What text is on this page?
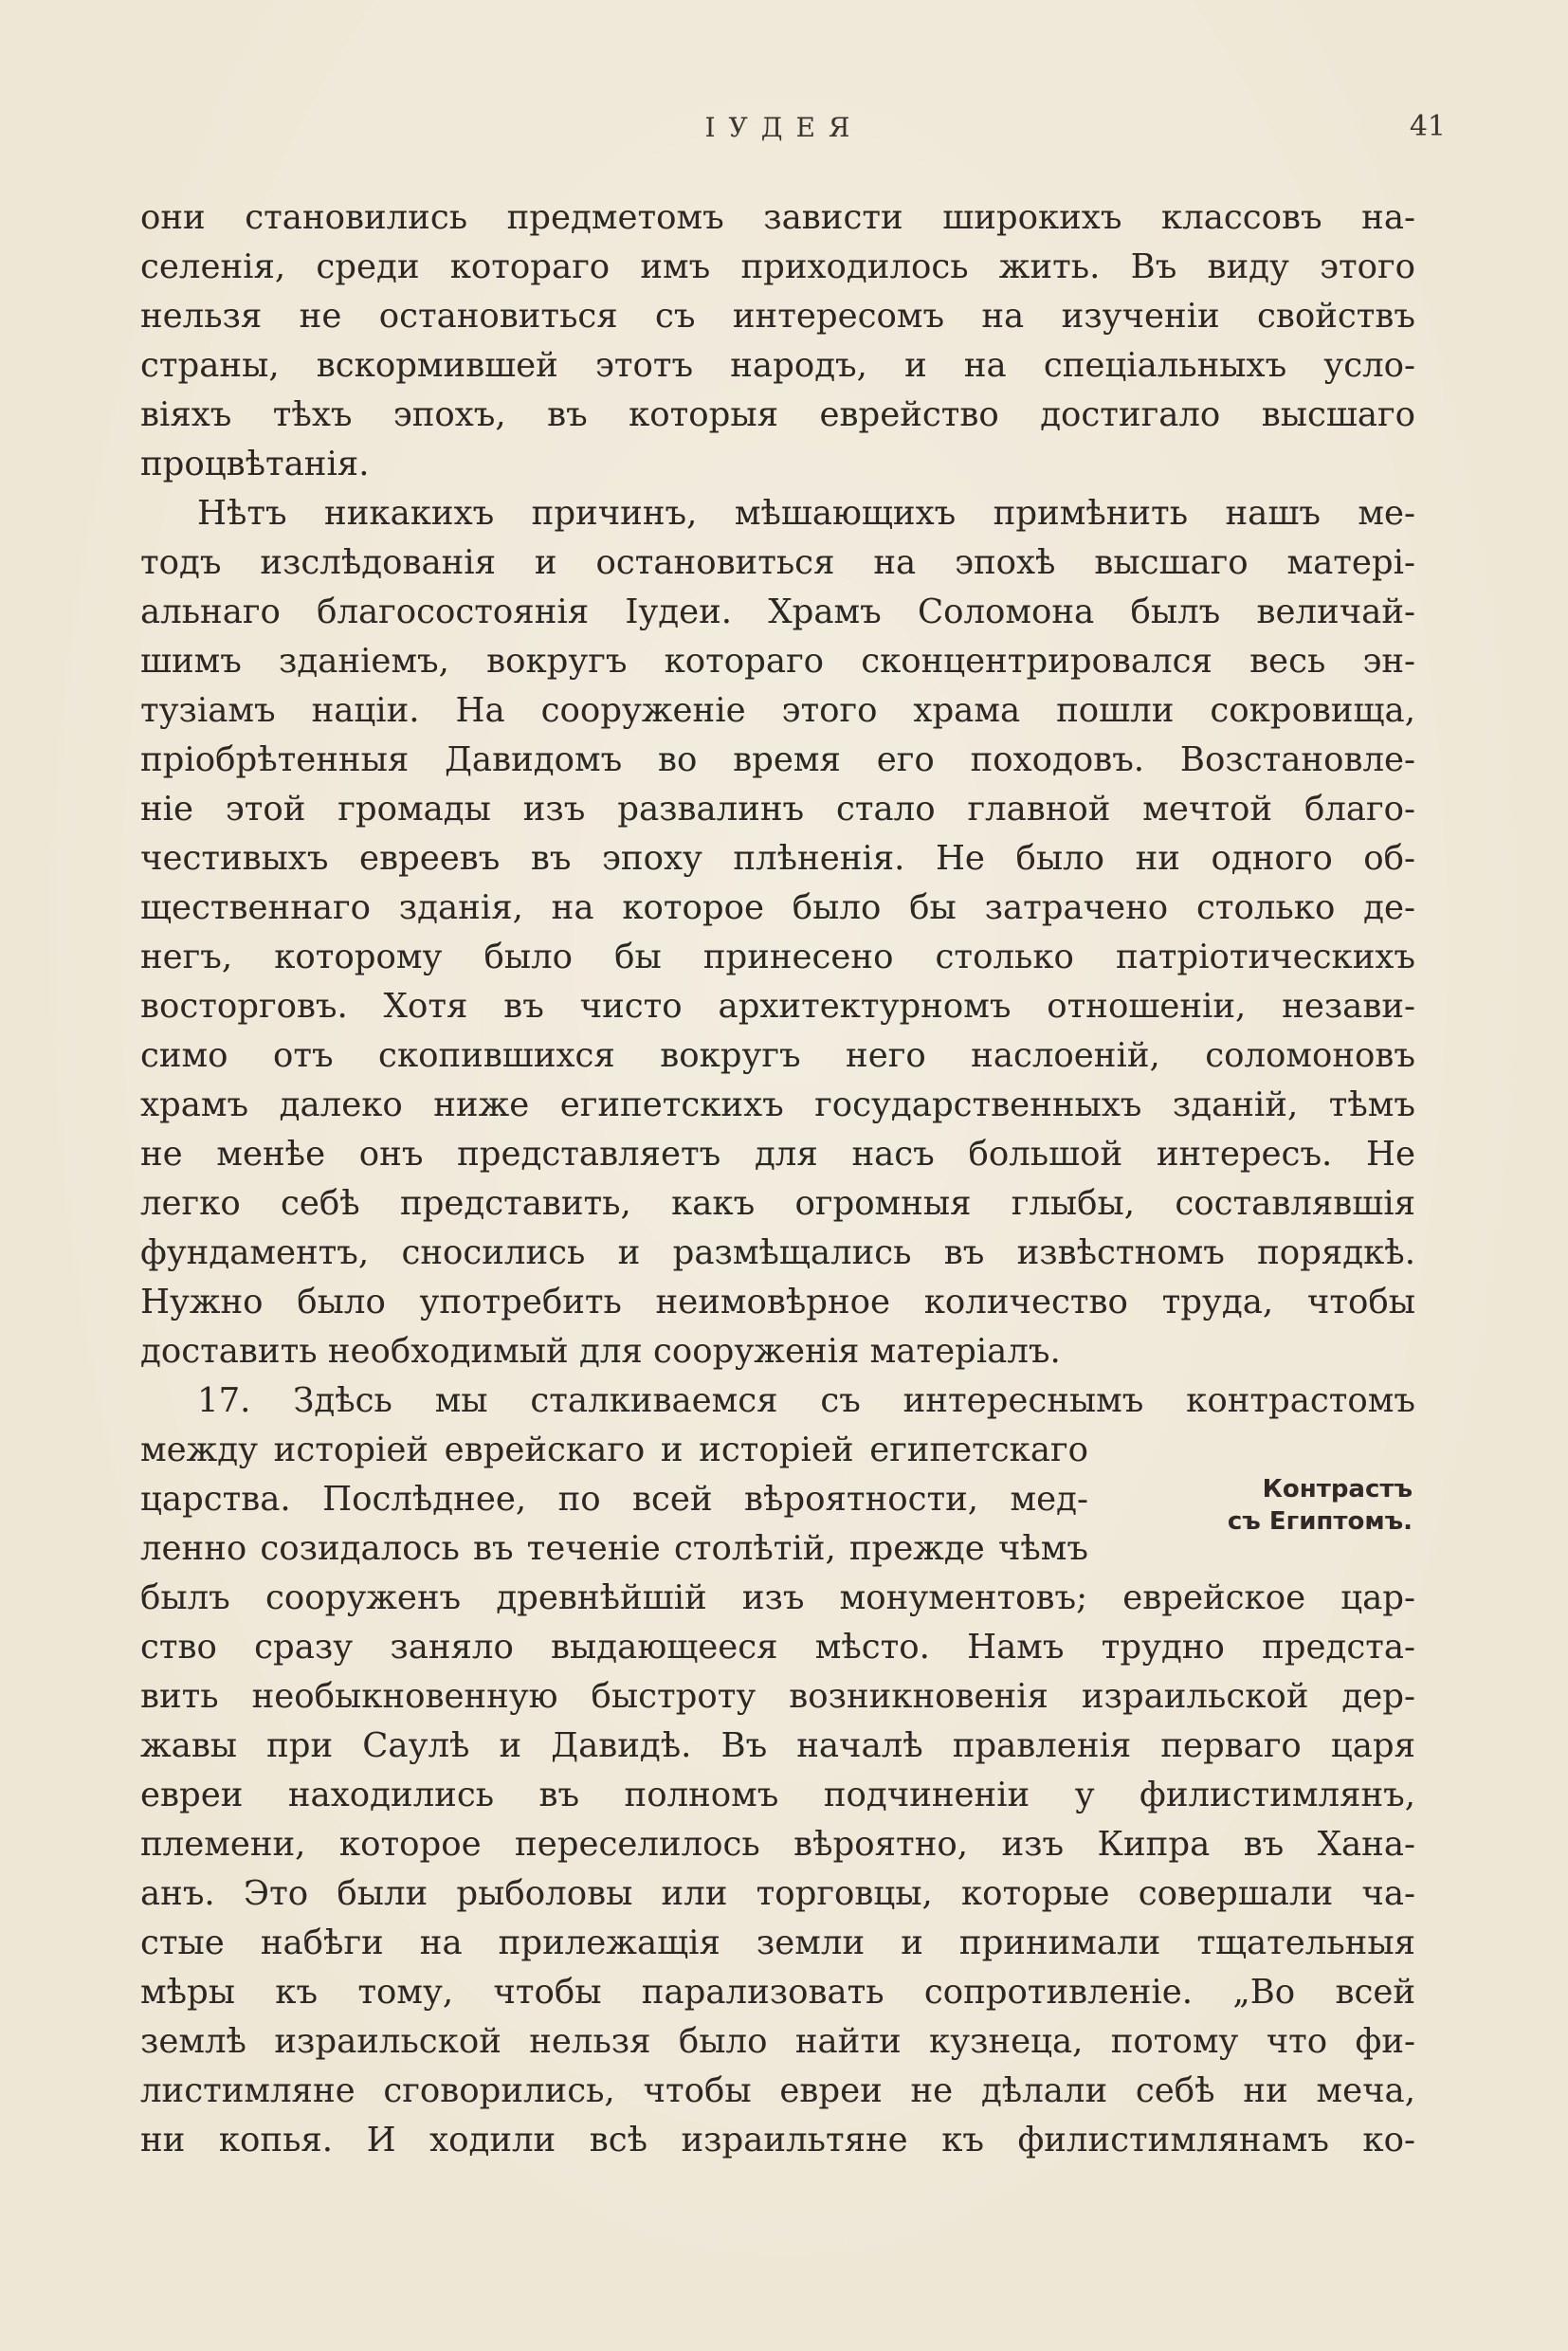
ІУДЕЯ	41
они становились предметомъ зависти широкихъ классовъ на-
селенія, среди котораго имъ приходилось жить. Въ виду этого
нельзя не остановиться съ интересомъ на изученіи свойствъ
страны, вскормившей этотъ народъ, и на спеціальныхъ усло-
віяхъ тѣхъ эпохъ, въ которыя еврейство достигало высшаго
процвѣтанія.
Нѣтъ никакихъ причинъ, мѣшающихъ примѣнить нашъ ме-
тодъ изслѣдованія и остановиться на эпохѣ высшаго матері-
альнаго благосостоянія Іудеи. Храмъ Соломона былъ величай-
шимъ зданіемъ, вокругъ котораго сконцентрировался весь эн-
тузіамъ націи. На сооруженіе этого храма пошли сокровища,
пріобрѣтенныя Давидомъ во время его походовъ. Возстановле-
ніе этой громады изъ развалинъ стало главной мечтой благо-
честивыхъ евреевъ въ эпоху плѣненія. Не было ни одного об-
щественнаго зданія, на которое было бы затрачено столько де-
негъ, которому было бы принесено столько патріотическихъ
восторговъ. Хотя въ чисто архитектурномъ отношеніи, незави-
симо отъ скопившихся вокругъ него наслоеній, соломоновъ
храмъ далеко ниже египетскихъ государственныхъ зданій, тѣмъ
не менѣе онъ представляетъ для насъ большой интересъ. Не
легко себѣ представить, какъ огромныя глыбы, составлявшія
фундаментъ, сносились и размѣщались въ извѣстномъ порядкѣ.
Нужно было употребить неимовѣрное количество труда, чтобы
доставить необходимый для сооруженія матеріалъ.
17. Здѣсь мы сталкиваемся съ интереснымъ контрастомъ
между исторіей еврейскаго и исторіей египетскаго
царства. Послѣднее, по всей вѣроятности, мед-
ленно созидалось въ теченіе столѣтій, прежде чѣмъ
былъ сооруженъ древнѣйшій изъ монументовъ; еврейское цар-
ство сразу заняло выдающееся мѣсто. Намъ трудно предста-
вить необыкновенную быстроту возникновенія израильской дер-
жавы при Саулѣ и Давидѣ. Въ началѣ правленія перваго царя
евреи находились въ полномъ подчиненіи у филистимлянъ,
племени, которое переселилось вѣроятно, изъ Кипра въ Хана-
анъ. Это были рыболовы или торговцы, которые совершали ча-
стые набѣги на прилежащія земли и принимали тщательныя
мѣры къ тому, чтобы парализовать сопротивленіе. „Во всей
землѣ израильской нельзя было найти кузнеца, потому что фи-
листимляне сговорились, чтобы евреи не дѣлали себѣ ни меча,
ни копья. И ходили всѣ израильтяне къ филистимлянамъ ко-
Контрастъ
съ Египтомъ.
